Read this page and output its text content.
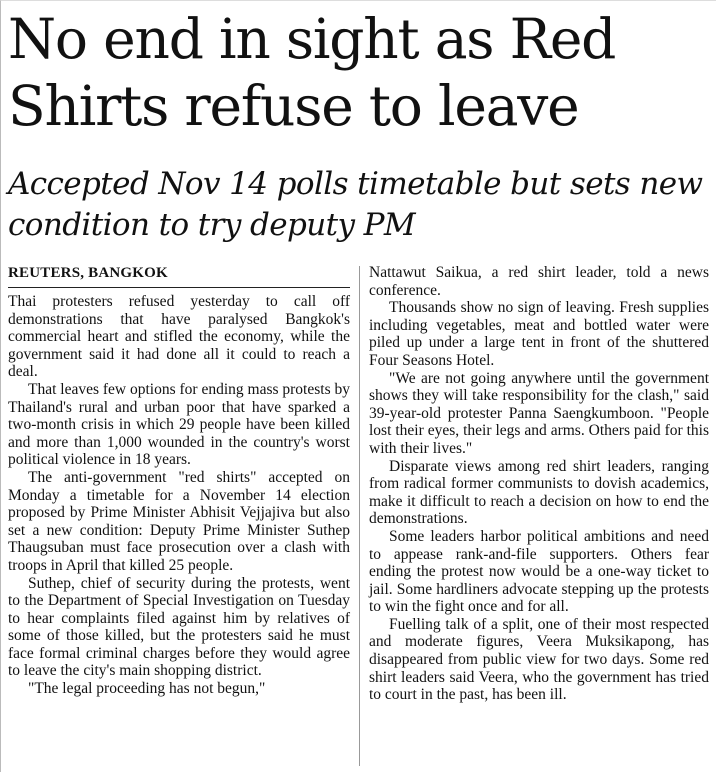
No end in sight as Red Shirts refuse to leave
Accepted Nov 14 polls timetable but sets new condition to try deputy PM
REUTERS, BANGKOK

Thai protesters refused yesterday to call off demonstrations that have paralysed Bangkok's commercial heart and stifled the economy, while the government said it had done all it could to reach a deal.

That leaves few options for ending mass protests by Thailand's rural and urban poor that have sparked a two-month crisis in which 29 people have been killed and more than 1,000 wounded in the country's worst political violence in 18 years.

The anti-government "red shirts" accepted on Monday a timetable for a November 14 election proposed by Prime Minister Abhisit Vejjajiva but also set a new condition: Deputy Prime Minister Suthep Thaugsuban must face prosecution over a clash with troops in April that killed 25 people.

Suthep, chief of security during the protests, went to the Department of Special Investigation on Tuesday to hear complaints filed against him by relatives of some of those killed, but the protesters said he must face formal criminal charges before they would agree to leave the city's main shopping district.

"The legal proceeding has not begun,"

Nattawut Saikua, a red shirt leader, told a news conference.

Thousands show no sign of leaving. Fresh supplies including vegetables, meat and bottled water were piled up under a large tent in front of the shuttered Four Seasons Hotel.

"We are not going anywhere until the government shows they will take responsibility for the clash," said 39-year-old protester Panna Saengkumboon. "People lost their eyes, their legs and arms. Others paid for this with their lives."

Disparate views among red shirt leaders, ranging from radical former communists to dovish academics, make it difficult to reach a decision on how to end the demonstrations.

Some leaders harbor political ambitions and need to appease rank-and-file supporters. Others fear ending the protest now would be a one-way ticket to jail. Some hardliners advocate stepping up the protests to win the fight once and for all.

Fuelling talk of a split, one of their most respected and moderate figures, Veera Muksikapong, has disappeared from public view for two days. Some red shirt leaders said Veera, who the government has tried to court in the past, has been ill.
